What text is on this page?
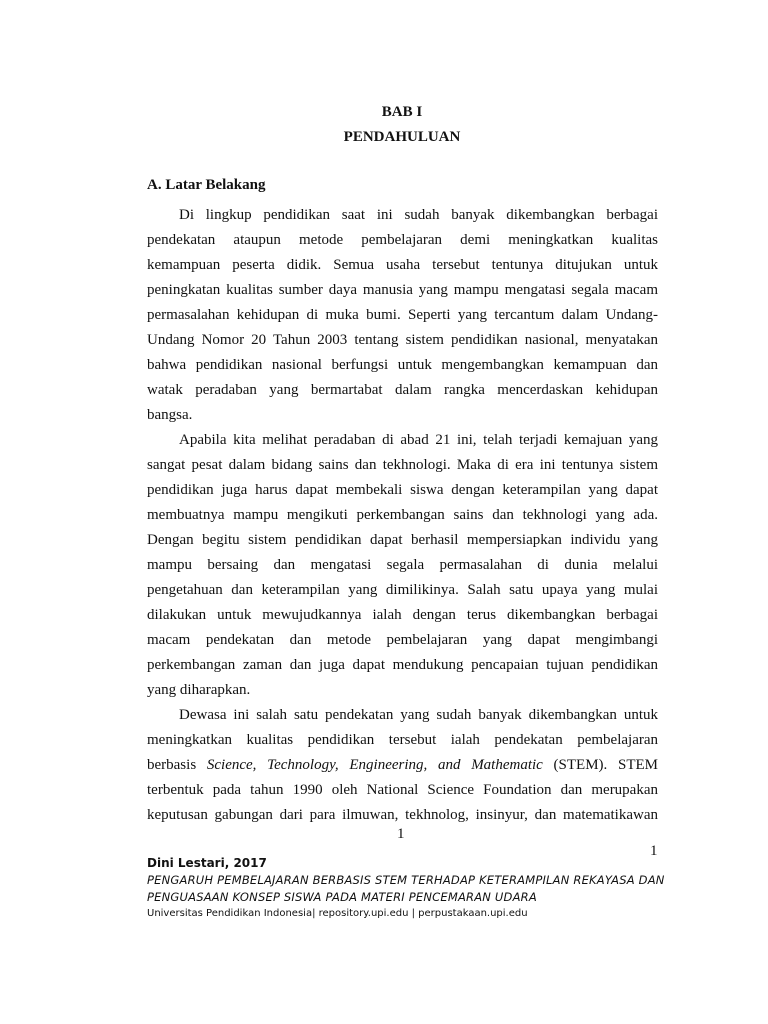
BAB I
PENDAHULUAN
A. Latar Belakang
Di lingkup pendidikan saat ini sudah banyak dikembangkan berbagai
pendekatan ataupun metode pembelajaran demi meningkatkan kualitas
kemampuan peserta didik. Semua usaha tersebut tentunya ditujukan untuk
peningkatan kualitas sumber daya manusia yang mampu mengatasi segala macam
permasalahan kehidupan di muka bumi. Seperti yang tercantum dalam Undang-
Undang Nomor 20 Tahun 2003 tentang sistem pendidikan nasional, menyatakan
bahwa pendidikan nasional berfungsi untuk mengembangkan kemampuan dan
watak peradaban yang bermartabat dalam rangka mencerdaskan kehidupan
bangsa.
Apabila kita melihat peradaban di abad 21 ini, telah terjadi kemajuan yang
sangat pesat dalam bidang sains dan tekhnologi. Maka di era ini tentunya sistem
pendidikan juga harus dapat membekali siswa dengan keterampilan yang dapat
membuatnya mampu mengikuti perkembangan sains dan tekhnologi yang ada.
Dengan begitu sistem pendidikan dapat berhasil mempersiapkan individu yang
mampu bersaing dan mengatasi segala permasalahan di dunia melalui
pengetahuan dan keterampilan yang dimilikinya. Salah satu upaya yang mulai
dilakukan untuk mewujudkannya ialah dengan terus dikembangkan berbagai
macam pendekatan dan metode pembelajaran yang dapat mengimbangi
perkembangan zaman dan juga dapat mendukung pencapaian tujuan pendidikan
yang diharapkan.
Dewasa ini salah satu pendekatan yang sudah banyak dikembangkan untuk
meningkatkan kualitas pendidikan tersebut ialah pendekatan pembelajaran
berbasis Science, Technology, Engineering, and Mathematic (STEM). STEM
terbentuk pada tahun 1990 oleh National Science Foundation dan merupakan
keputusan gabungan dari para ilmuwan, tekhnolog, insinyur, dan matematikawan
1
1
Dini Lestari, 2017
PENGARUH PEMBELAJARAN BERBASIS STEM TERHADAP KETERAMPILAN REKAYASA DAN
PENGUASAAN KONSEP SISWA PADA MATERI PENCEMARAN UDARA
Universitas Pendidikan Indonesia| repository.upi.edu | perpustakaan.upi.edu
